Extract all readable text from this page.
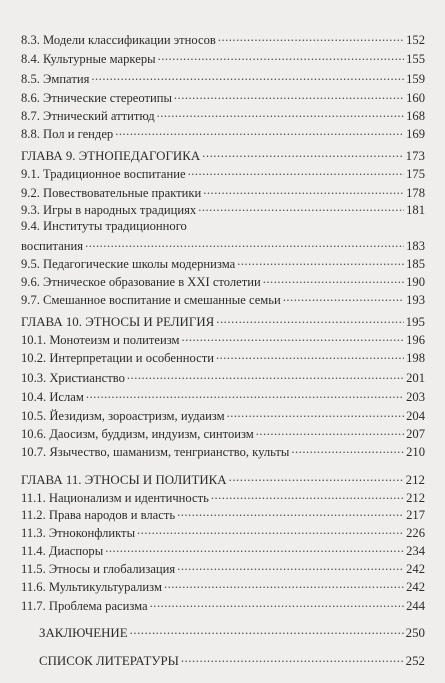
8.3. Модели классификации этносов .....	152
8.4. Культурные маркеры .....	155
8.5. Эмпатия .....	159
8.6. Этнические стереотипы .....	160
8.7. Этнический аттитюд .....	168
8.8. Пол и гендер .....	169
ГЛАВА 9. ЭТНОПЕДАГОГИКА .....	173
9.1. Традиционное воспитание .....	175
9.2. Повествовательные практики .....	178
9.3. Игры в народных традициях .....	181
9.4. Институты традиционного
воспитания .....	183
9.5. Педагогические школы модернизма .....	185
9.6. Этническое образование в XXI столетии .....	190
9.7. Смешанное воспитание и смешанные семьи .....	193
ГЛАВА 10. ЭТНОСЫ И РЕЛИГИЯ .....	195
10.1. Монотеизм и политеизм .....	196
10.2. Интерпретации и особенности .....	198
10.3. Христианство .....	201
10.4. Ислам .....	203
10.5. Йезидизм, зороастризм, иудаизм .....	204
10.6. Даосизм, буддизм, индуизм, синтоизм .....	207
10.7. Язычество, шаманизм, тенгрианство, культы .....	210
ГЛАВА 11. ЭТНОСЫ И ПОЛИТИКА .....	212
11.1. Национализм и идентичность .....	212
11.2. Права народов и власть .....	217
11.3. Этноконфликты .....	226
11.4. Диаспоры .....	234
11.5. Этносы и глобализация .....	242
11.6. Мультикультурализм .....	242
11.7. Проблема расизма .....	244
ЗАКЛЮЧЕНИЕ .....	250
СПИСОК ЛИТЕРАТУРЫ .....	252
